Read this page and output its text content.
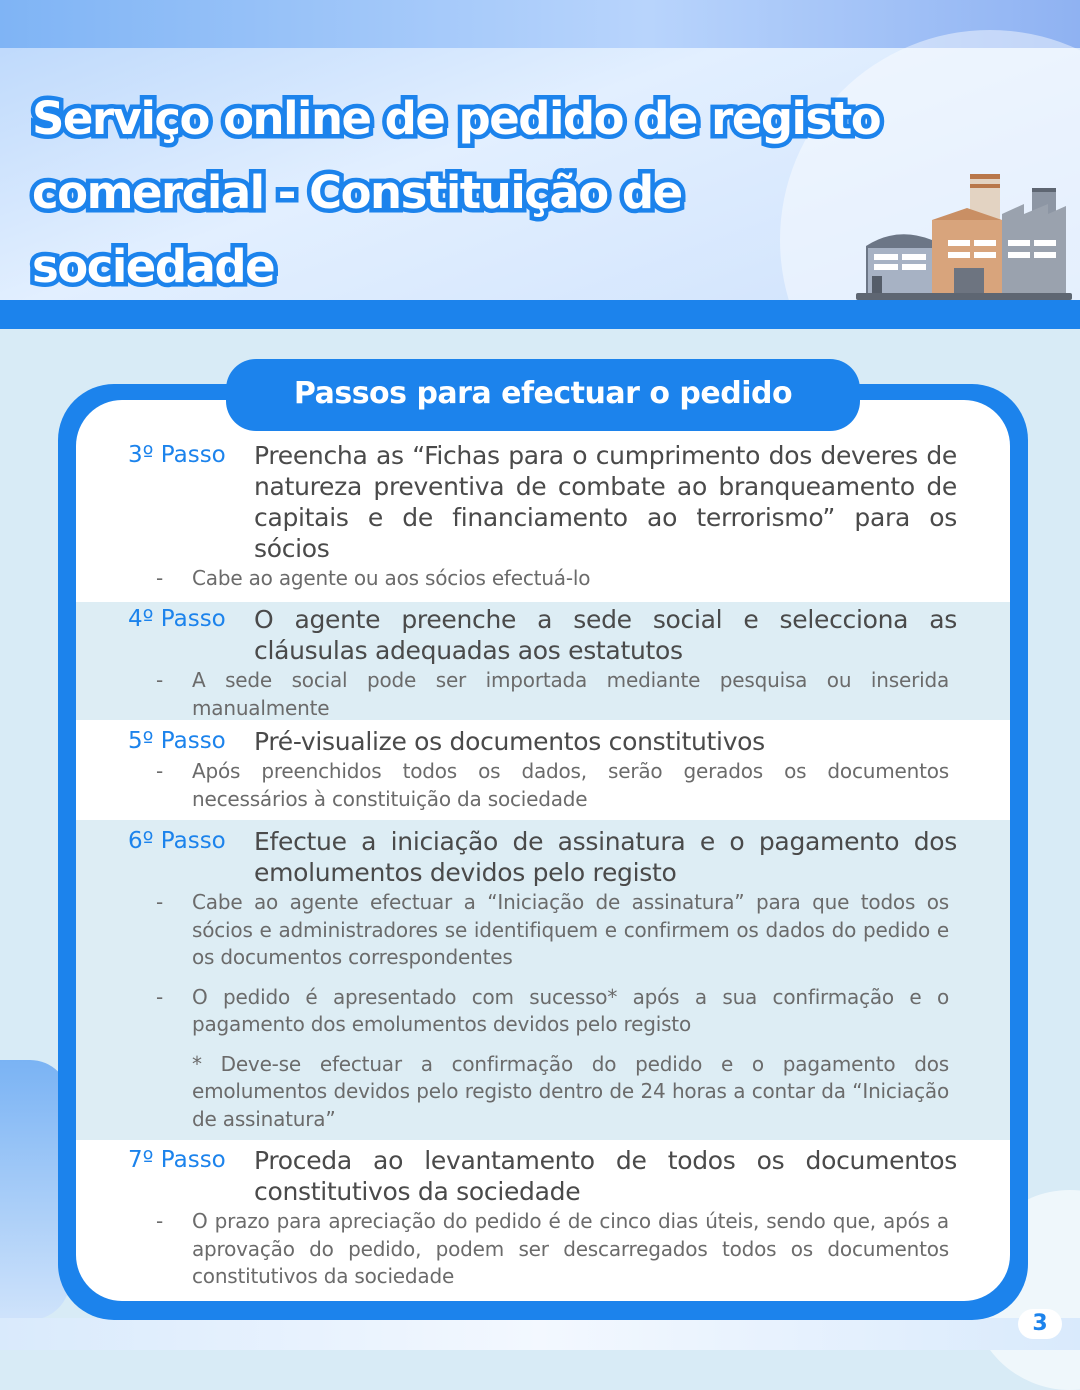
Serviço online de pedido de registo comercial - Constituição de sociedade
3º Passo	Preencha as “Fichas para o cumprimento dos deveres de natureza preventiva de combate ao branqueamento de capitais e de financiamento ao terrorismo” para os sócios
-	Cabe ao agente ou aos sócios efectuá-lo
4º Passo	O agente preenche a sede social e selecciona as cláusulas adequadas aos estatutos
-	A sede social pode ser importada mediante pesquisa ou inserida manualmente
5º Passo	Pré-visualize os documentos constitutivos
-	Após preenchidos todos os dados, serão gerados os documentos necessários à constituição da sociedade
6º Passo	Efectue a iniciação de assinatura e o pagamento dos emolumentos devidos pelo registo
-	Cabe ao agente efectuar a “Iniciação de assinatura” para que todos os sócios e administradores se identifiquem e confirmem os dados do pedido e os documentos correspondentes
-	O pedido é apresentado com sucesso* após a sua confirmação e o pagamento dos emolumentos devidos pelo registo
* Deve-se efectuar a confirmação do pedido e o pagamento dos emolumentos devidos pelo registo dentro de 24 horas a contar da “Iniciação de assinatura”
7º Passo	Proceda ao levantamento de todos os documentos constitutivos da sociedade
-	O prazo para apreciação do pedido é de cinco dias úteis, sendo que, após a aprovação do pedido, podem ser descarregados todos os documentos constitutivos da sociedade
Passos para efectuar o pedido
3
